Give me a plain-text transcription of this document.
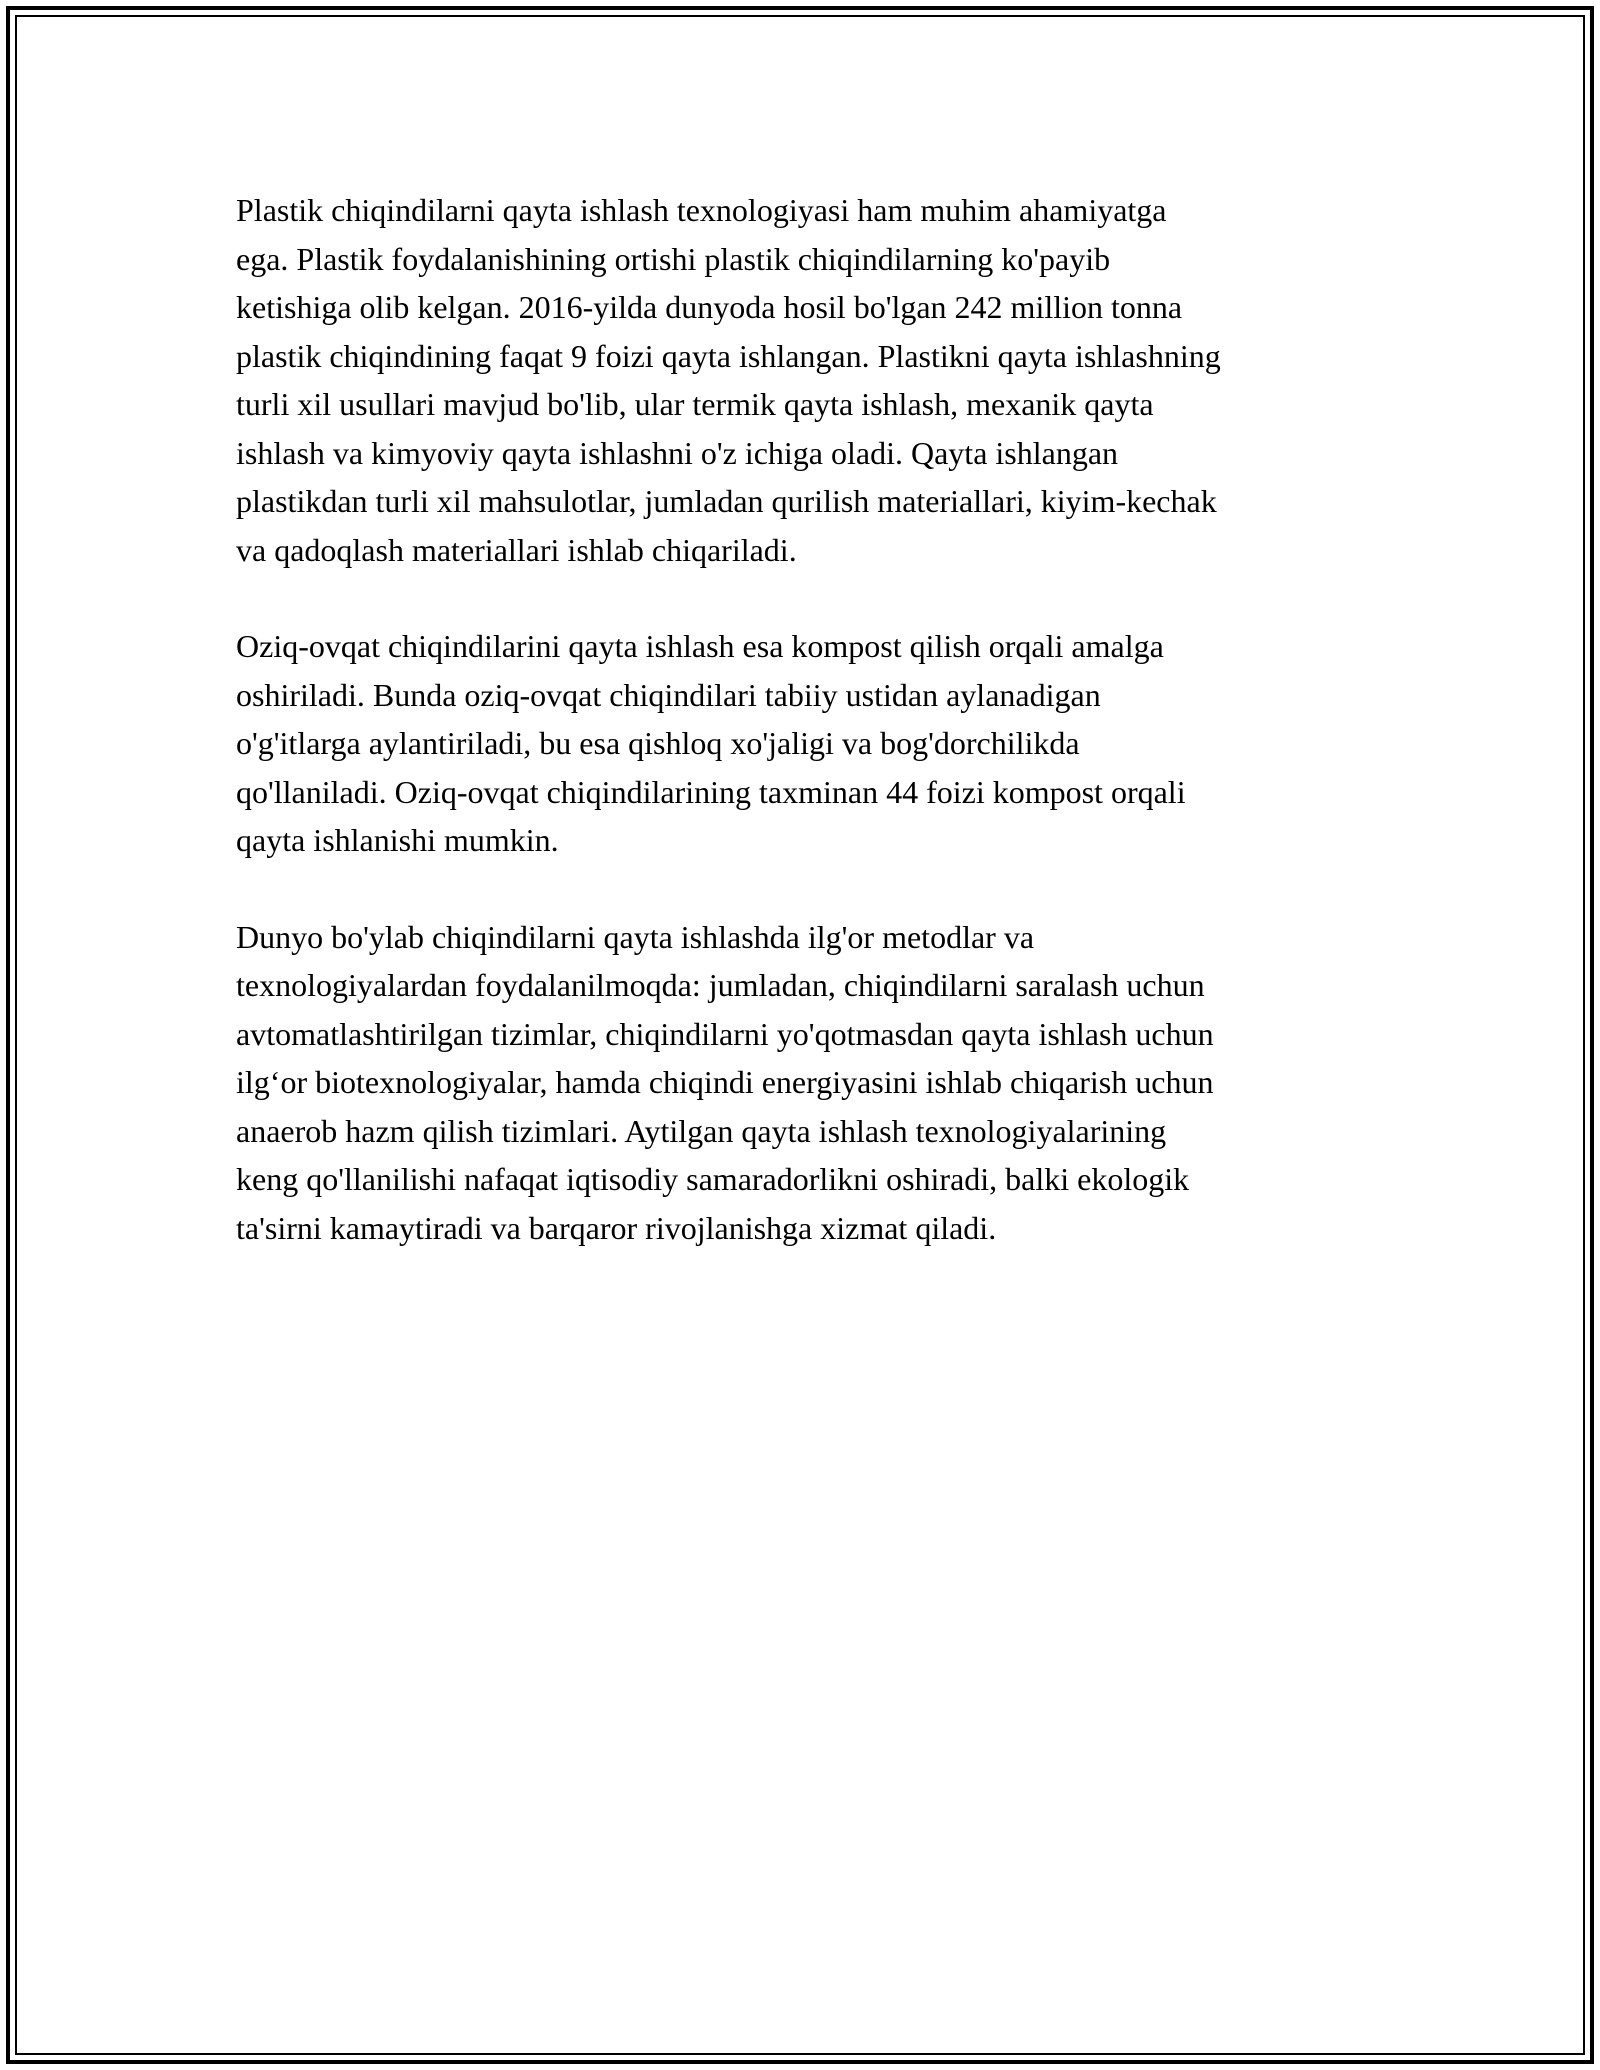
Plastik chiqindilarni qayta ishlash texnologiyasi ham muhim ahamiyatga
ega. Plastik foydalanishining ortishi plastik chiqindilarning ko'payib
ketishiga olib kelgan. 2016-yilda dunyoda hosil bo'lgan 242 million tonna
plastik chiqindining faqat 9 foizi qayta ishlangan. Plastikni qayta ishlashning
turli xil usullari mavjud bo'lib, ular termik qayta ishlash, mexanik qayta
ishlash va kimyoviy qayta ishlashni o'z ichiga oladi. Qayta ishlangan
plastikdan turli xil mahsulotlar, jumladan qurilish materiallari, kiyim-kechak
va qadoqlash materiallari ishlab chiqariladi.

Oziq-ovqat chiqindilarini qayta ishlash esa kompost qilish orqali amalga
oshiriladi. Bunda oziq-ovqat chiqindilari tabiiy ustidan aylanadigan
o'g'itlarga aylantiriladi, bu esa qishloq xo'jaligi va bog'dorchilikda
qo'llaniladi. Oziq-ovqat chiqindilarining taxminan 44 foizi kompost orqali
qayta ishlanishi mumkin.

Dunyo bo'ylab chiqindilarni qayta ishlashda ilg'or metodlar va
texnologiyalardan foydalanilmoqda: jumladan, chiqindilarni saralash uchun
avtomatlashtirilgan tizimlar, chiqindilarni yo'qotmasdan qayta ishlash uchun
ilg‘or biotexnologiyalar, hamda chiqindi energiyasini ishlab chiqarish uchun
anaerob hazm qilish tizimlari. Aytilgan qayta ishlash texnologiyalarining
keng qo'llanilishi nafaqat iqtisodiy samaradorlikni oshiradi, balki ekologik
ta'sirni kamaytiradi va barqaror rivojlanishga xizmat qiladi.
